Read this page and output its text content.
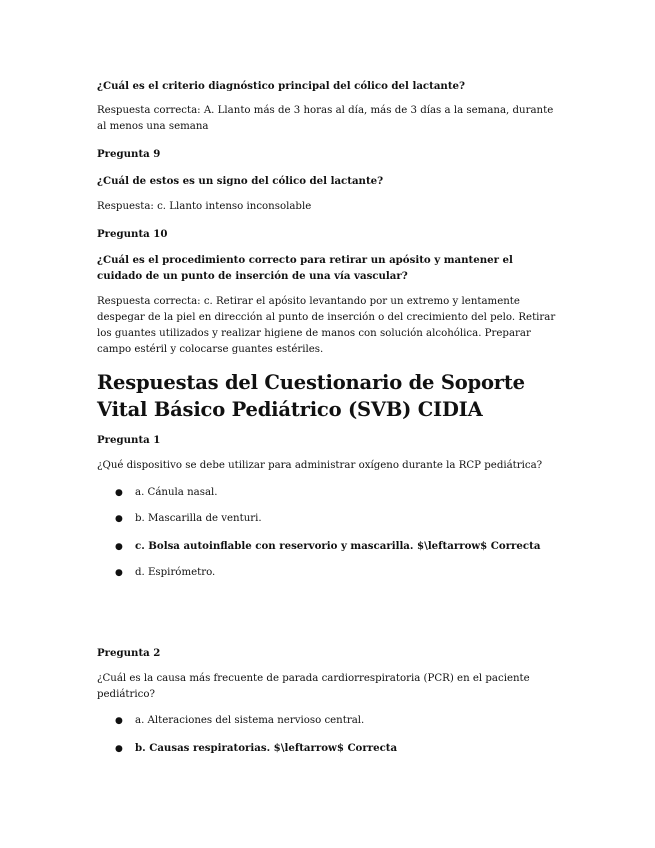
¿Cuál es el criterio diagnóstico principal del cólico del lactante?

Respuesta correcta: A. Llanto más de 3 horas al día, más de 3 días a la semana, durante al menos una semana

Pregunta 9

¿Cuál de estos es un signo del cólico del lactante?

Respuesta: c. Llanto intenso inconsolable

Pregunta 10

¿Cuál es el procedimiento correcto para retirar un apósito y mantener el cuidado de un punto de inserción de una vía vascular?

Respuesta correcta: c. Retirar el apósito levantando por un extremo y lentamente despegar de la piel en dirección al punto de inserción o del crecimiento del pelo. Retirar los guantes utilizados y realizar higiene de manos con solución alcohólica. Preparar campo estéril y colocarse guantes estériles.

Respuestas del Cuestionario de Soporte Vital Básico Pediátrico (SVB) CIDIA

Pregunta 1

¿Qué dispositivo se debe utilizar para administrar oxígeno durante la RCP pediátrica?

● a. Cánula nasal.
● b. Mascarilla de venturi.
● c. Bolsa autoinflable con reservorio y mascarilla. $\leftarrow$ Correcta
● d. Espirómetro.

Pregunta 2

¿Cuál es la causa más frecuente de parada cardiorrespiratoria (PCR) en el paciente pediátrico?

● a. Alteraciones del sistema nervioso central.
● b. Causas respiratorias. $\leftarrow$ Correcta
